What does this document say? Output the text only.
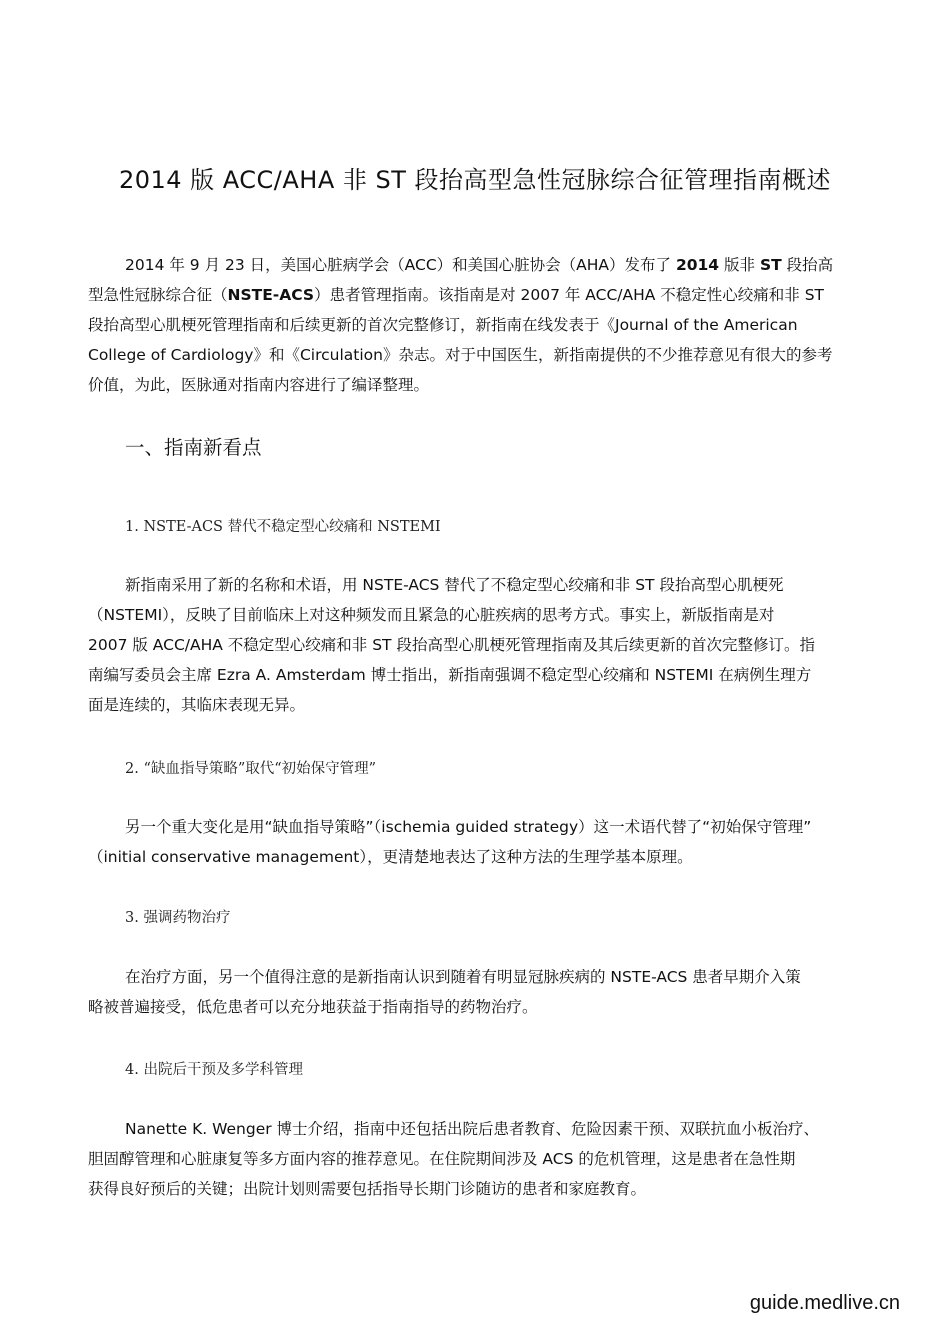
2014 版 ACC/AHA 非 ST 段抬高型急性冠脉综合征管理指南概述
2014 年 9 月 23 日，美国心脏病学会（ACC）和美国心脏协会（AHA）发布了 2014 版非 ST 段抬高
型急性冠脉综合征（NSTE-ACS）患者管理指南。该指南是对 2007 年 ACC/AHA 不稳定性心绞痛和非 ST
段抬高型心肌梗死管理指南和后续更新的首次完整修订，新指南在线发表于《Journal of the American
College of Cardiology》和《Circulation》杂志。对于中国医生，新指南提供的不少推荐意见有很大的参考
价值，为此，医脉通对指南内容进行了编译整理。
一、指南新看点
1. NSTE-ACS 替代不稳定型心绞痛和 NSTEMI
新指南采用了新的名称和术语，用 NSTE-ACS 替代了不稳定型心绞痛和非 ST 段抬高型心肌梗死
（NSTEMI），反映了目前临床上对这种频发而且紧急的心脏疾病的思考方式。事实上，新版指南是对
2007 版 ACC/AHA 不稳定型心绞痛和非 ST 段抬高型心肌梗死管理指南及其后续更新的首次完整修订。指
南编写委员会主席 Ezra A. Amsterdam 博士指出，新指南强调不稳定型心绞痛和 NSTEMI 在病例生理方
面是连续的，其临床表现无异。
2. “缺血指导策略”取代“初始保守管理”
另一个重大变化是用“缺血指导策略”（ischemia guided strategy）这一术语代替了“初始保守管理”
（initial conservative management），更清楚地表达了这种方法的生理学基本原理。
3. 强调药物治疗
在治疗方面，另一个值得注意的是新指南认识到随着有明显冠脉疾病的 NSTE-ACS 患者早期介入策
略被普遍接受，低危患者可以充分地获益于指南指导的药物治疗。
4. 出院后干预及多学科管理
Nanette K. Wenger 博士介绍，指南中还包括出院后患者教育、危险因素干预、双联抗血小板治疗、
胆固醇管理和心脏康复等多方面内容的推荐意见。在住院期间涉及 ACS 的危机管理，这是患者在急性期
获得良好预后的关键；出院计划则需要包括指导长期门诊随访的患者和家庭教育。
guide.medlive.cn
